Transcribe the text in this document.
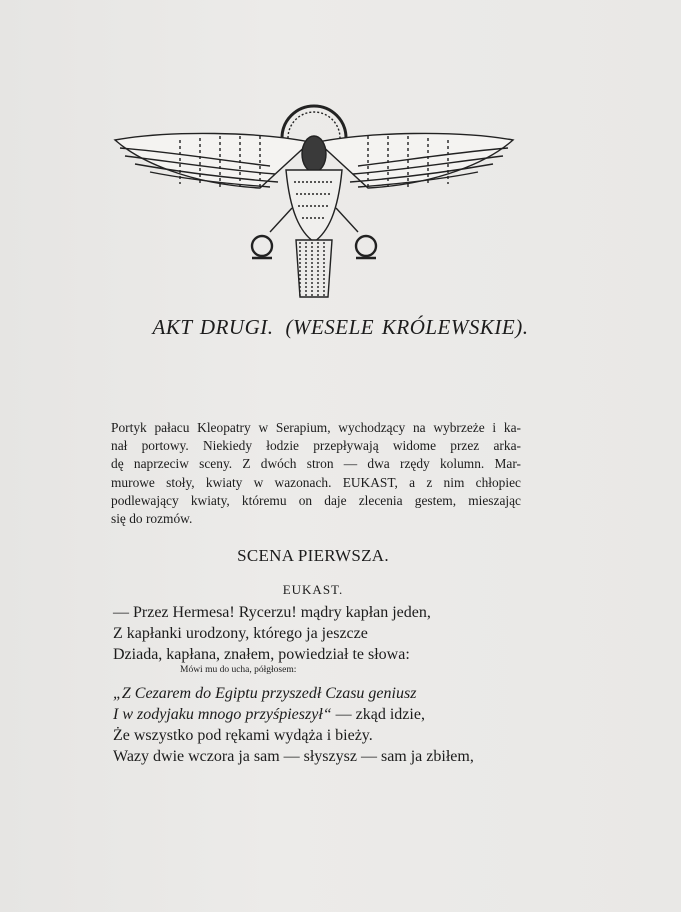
AKT DRUGI. (WESELE KRÓLEWSKIE).
Portyk pałacu Kleopatry w Serapium, wychodzący na wybrzeże i ka-
nał portowy. Niekiedy łodzie przepływają widome przez arka-
dę naprzeciw sceny. Z dwóch stron — dwa rzędy kolumn. Mar-
murowe stoły, kwiaty w wazonach. EUKAST, a z nim chłopiec
podlewający kwiaty, któremu on daje zlecenia gestem, mieszając
się do rozmów.
SCENA PIERWSZA.
EUKAST.
— Przez Hermesa! Rycerzu! mądry kapłan jeden,
Z kapłanki urodzony, którego ja jeszcze
Dziada, kapłana, znałem, powiedział te słowa:
Mówi mu do ucha, półgłosem:
„Z Cezarem do Egiptu przyszedł Czasu geniusz
I w zodyjaku mnogo przyśpieszył“ — zkąd idzie,
Że wszystko pod rękami wydąża i bieży.
Wazy dwie wczora ja sam — słyszysz — sam ja zbiłem,
